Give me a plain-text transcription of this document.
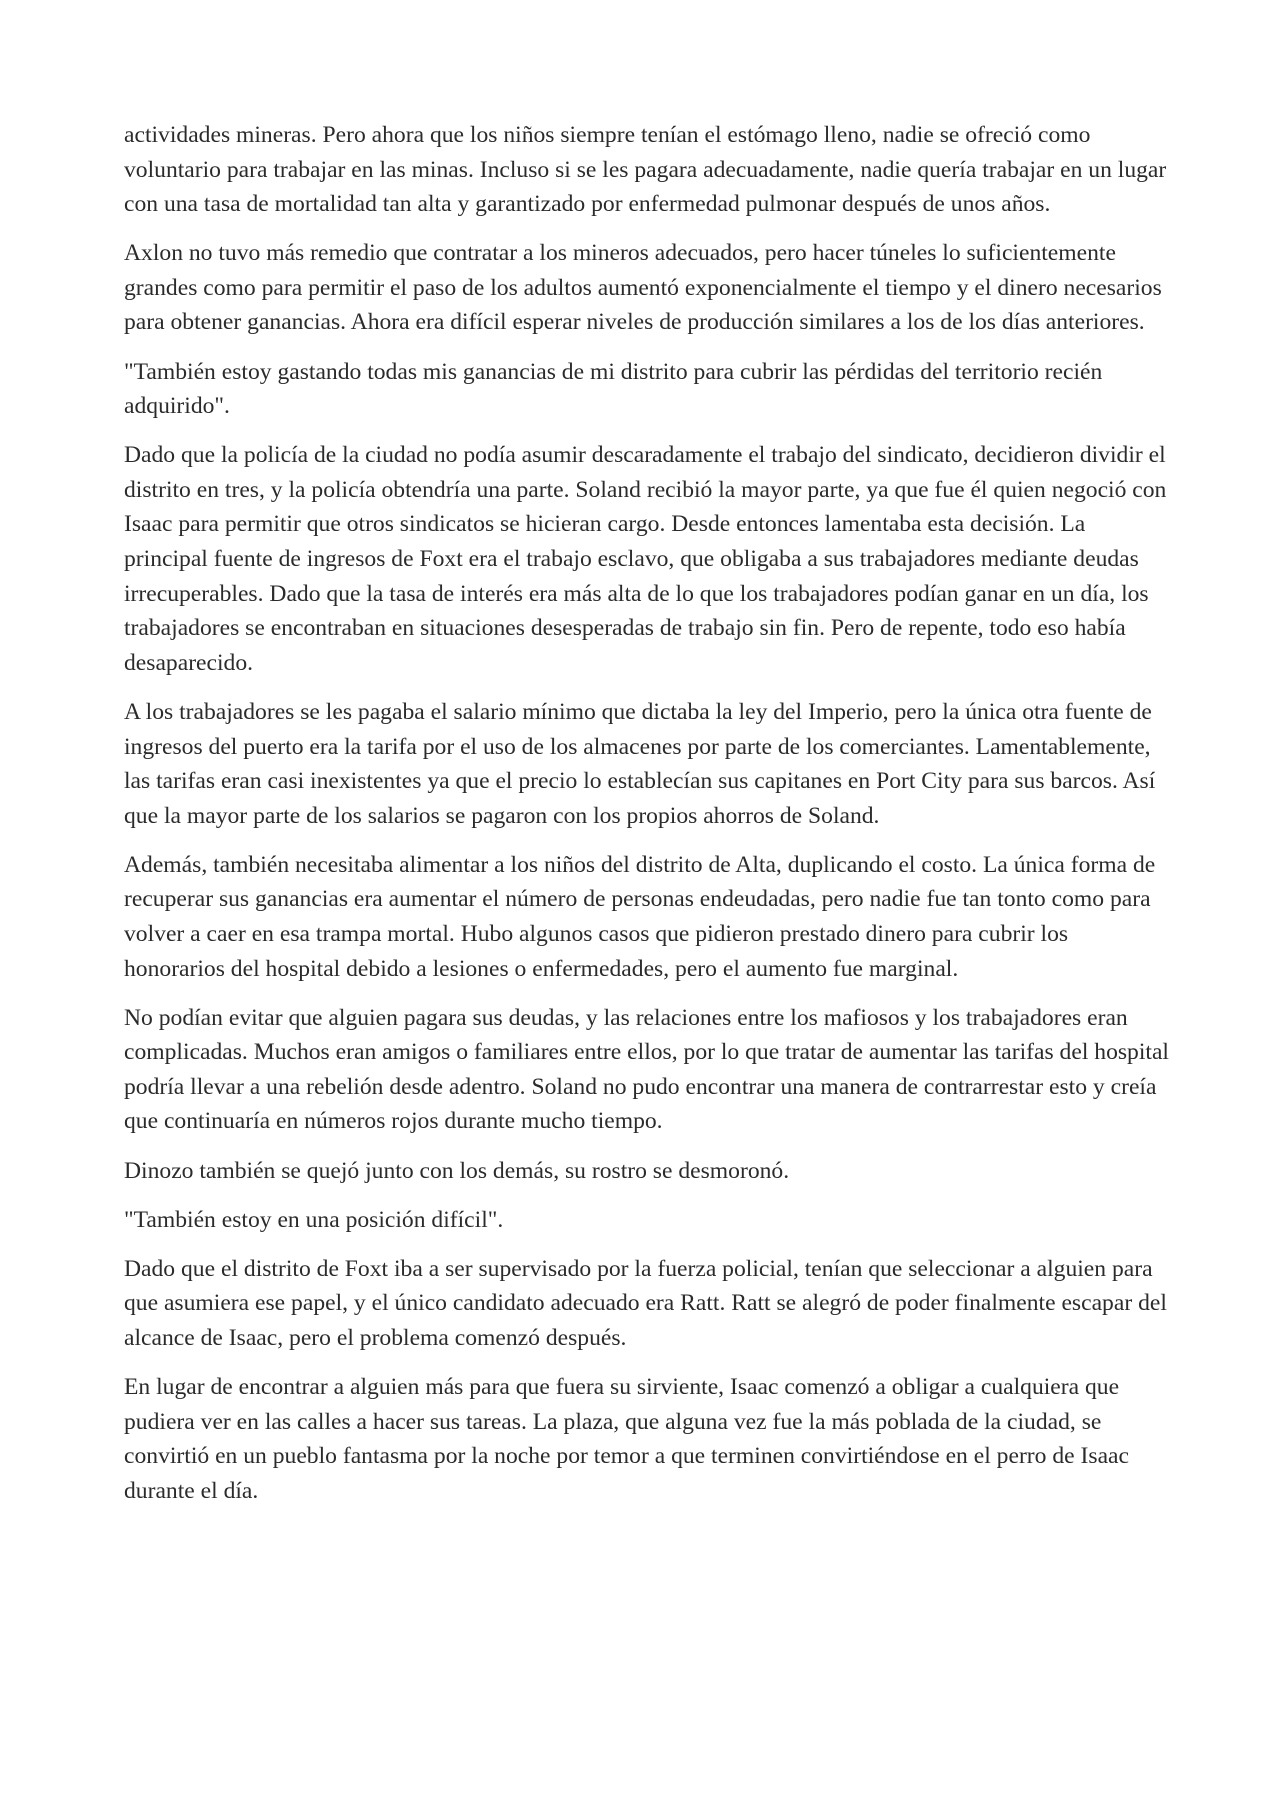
actividades mineras. Pero ahora que los niños siempre tenían el estómago lleno, nadie se ofreció como voluntario para trabajar en las minas. Incluso si se les pagara adecuadamente, nadie quería trabajar en un lugar con una tasa de mortalidad tan alta y garantizado por enfermedad pulmonar después de unos años.

Axlon no tuvo más remedio que contratar a los mineros adecuados, pero hacer túneles lo suficientemente grandes como para permitir el paso de los adultos aumentó exponencialmente el tiempo y el dinero necesarios para obtener ganancias. Ahora era difícil esperar niveles de producción similares a los de los días anteriores.

"También estoy gastando todas mis ganancias de mi distrito para cubrir las pérdidas del territorio recién adquirido".

Dado que la policía de la ciudad no podía asumir descaradamente el trabajo del sindicato, decidieron dividir el distrito en tres, y la policía obtendría una parte. Soland recibió la mayor parte, ya que fue él quien negoció con Isaac para permitir que otros sindicatos se hicieran cargo. Desde entonces lamentaba esta decisión. La principal fuente de ingresos de Foxt era el trabajo esclavo, que obligaba a sus trabajadores mediante deudas irrecuperables. Dado que la tasa de interés era más alta de lo que los trabajadores podían ganar en un día, los trabajadores se encontraban en situaciones desesperadas de trabajo sin fin. Pero de repente, todo eso había desaparecido.

A los trabajadores se les pagaba el salario mínimo que dictaba la ley del Imperio, pero la única otra fuente de ingresos del puerto era la tarifa por el uso de los almacenes por parte de los comerciantes. Lamentablemente, las tarifas eran casi inexistentes ya que el precio lo establecían sus capitanes en Port City para sus barcos. Así que la mayor parte de los salarios se pagaron con los propios ahorros de Soland.

Además, también necesitaba alimentar a los niños del distrito de Alta, duplicando el costo. La única forma de recuperar sus ganancias era aumentar el número de personas endeudadas, pero nadie fue tan tonto como para volver a caer en esa trampa mortal. Hubo algunos casos que pidieron prestado dinero para cubrir los honorarios del hospital debido a lesiones o enfermedades, pero el aumento fue marginal.

No podían evitar que alguien pagara sus deudas, y las relaciones entre los mafiosos y los trabajadores eran complicadas. Muchos eran amigos o familiares entre ellos, por lo que tratar de aumentar las tarifas del hospital podría llevar a una rebelión desde adentro. Soland no pudo encontrar una manera de contrarrestar esto y creía que continuaría en números rojos durante mucho tiempo.

Dinozo también se quejó junto con los demás, su rostro se desmoronó.

"También estoy en una posición difícil".

Dado que el distrito de Foxt iba a ser supervisado por la fuerza policial, tenían que seleccionar a alguien para que asumiera ese papel, y el único candidato adecuado era Ratt. Ratt se alegró de poder finalmente escapar del alcance de Isaac, pero el problema comenzó después.

En lugar de encontrar a alguien más para que fuera su sirviente, Isaac comenzó a obligar a cualquiera que pudiera ver en las calles a hacer sus tareas. La plaza, que alguna vez fue la más poblada de la ciudad, se convirtió en un pueblo fantasma por la noche por temor a que terminen convirtiéndose en el perro de Isaac durante el día.
